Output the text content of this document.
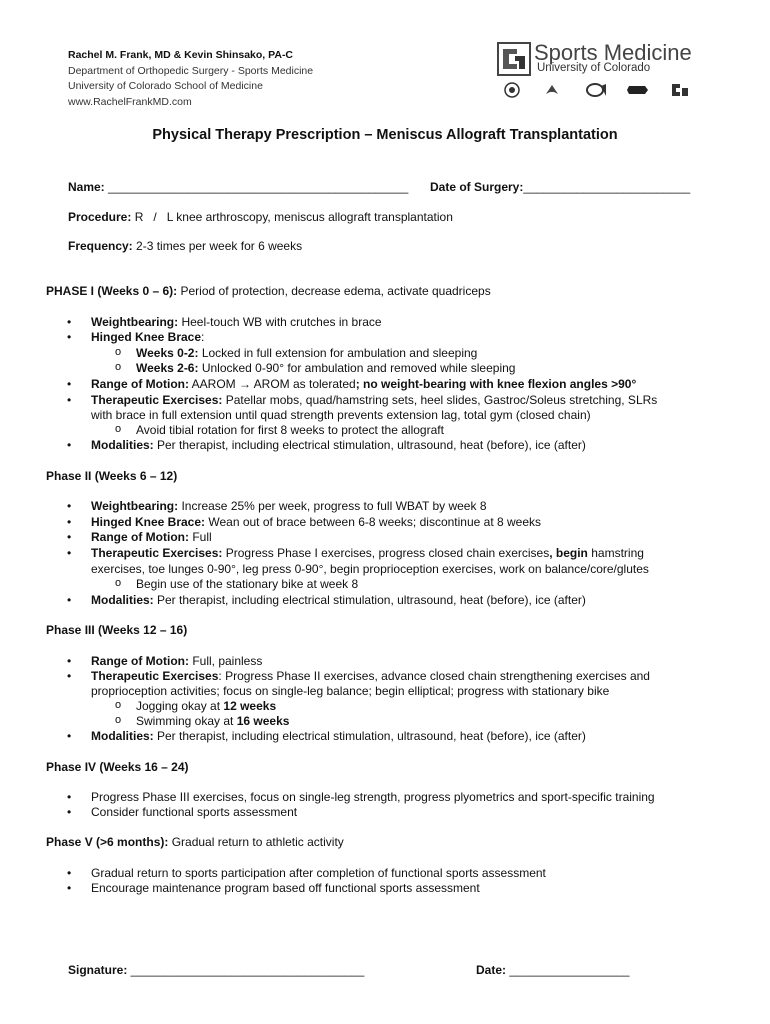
Rachel M. Frank, MD & Kevin Shinsako, PA-C
Department of Orthopedic Surgery - Sports Medicine
University of Colorado School of Medicine
www.RachelFrankMD.com
Sports Medicine
University of Colorado
Physical Therapy Prescription – Meniscus Allograft Transplantation
Name: _____________________________________________ Date of Surgery:_________________________
Procedure: R   /   L knee arthroscopy, meniscus allograft transplantation
Frequency: 2-3 times per week for 6 weeks
PHASE I (Weeks 0 – 6): Period of protection, decrease edema, activate quadriceps
• Weightbearing: Heel-touch WB with crutches in brace
• Hinged Knee Brace:
o Weeks 0-2: Locked in full extension for ambulation and sleeping
o Weeks 2-6: Unlocked 0-90° for ambulation and removed while sleeping
• Range of Motion: AAROM → AROM as tolerated; no weight-bearing with knee flexion angles >90°
• Therapeutic Exercises: Patellar mobs, quad/hamstring sets, heel slides, Gastroc/Soleus stretching, SLRs
with brace in full extension until quad strength prevents extension lag, total gym (closed chain)
o Avoid tibial rotation for first 8 weeks to protect the allograft
• Modalities: Per therapist, including electrical stimulation, ultrasound, heat (before), ice (after)
Phase II (Weeks 6 – 12)
• Weightbearing: Increase 25% per week, progress to full WBAT by week 8
• Hinged Knee Brace: Wean out of brace between 6-8 weeks; discontinue at 8 weeks
• Range of Motion: Full
• Therapeutic Exercises: Progress Phase I exercises, progress closed chain exercises, begin hamstring
exercises, toe lunges 0-90°, leg press 0-90°, begin proprioception exercises, work on balance/core/glutes
o Begin use of the stationary bike at week 8
• Modalities: Per therapist, including electrical stimulation, ultrasound, heat (before), ice (after)
Phase III (Weeks 12 – 16)
• Range of Motion: Full, painless
• Therapeutic Exercises: Progress Phase II exercises, advance closed chain strengthening exercises and
proprioception activities; focus on single-leg balance; begin elliptical; progress with stationary bike
o Jogging okay at 12 weeks
o Swimming okay at 16 weeks
• Modalities: Per therapist, including electrical stimulation, ultrasound, heat (before), ice (after)
Phase IV (Weeks 16 – 24)
• Progress Phase III exercises, focus on single-leg strength, progress plyometrics and sport-specific training
• Consider functional sports assessment
Phase V (>6 months): Gradual return to athletic activity
• Gradual return to sports participation after completion of functional sports assessment
• Encourage maintenance program based off functional sports assessment
Signature: ___________________________________	Date: __________________
